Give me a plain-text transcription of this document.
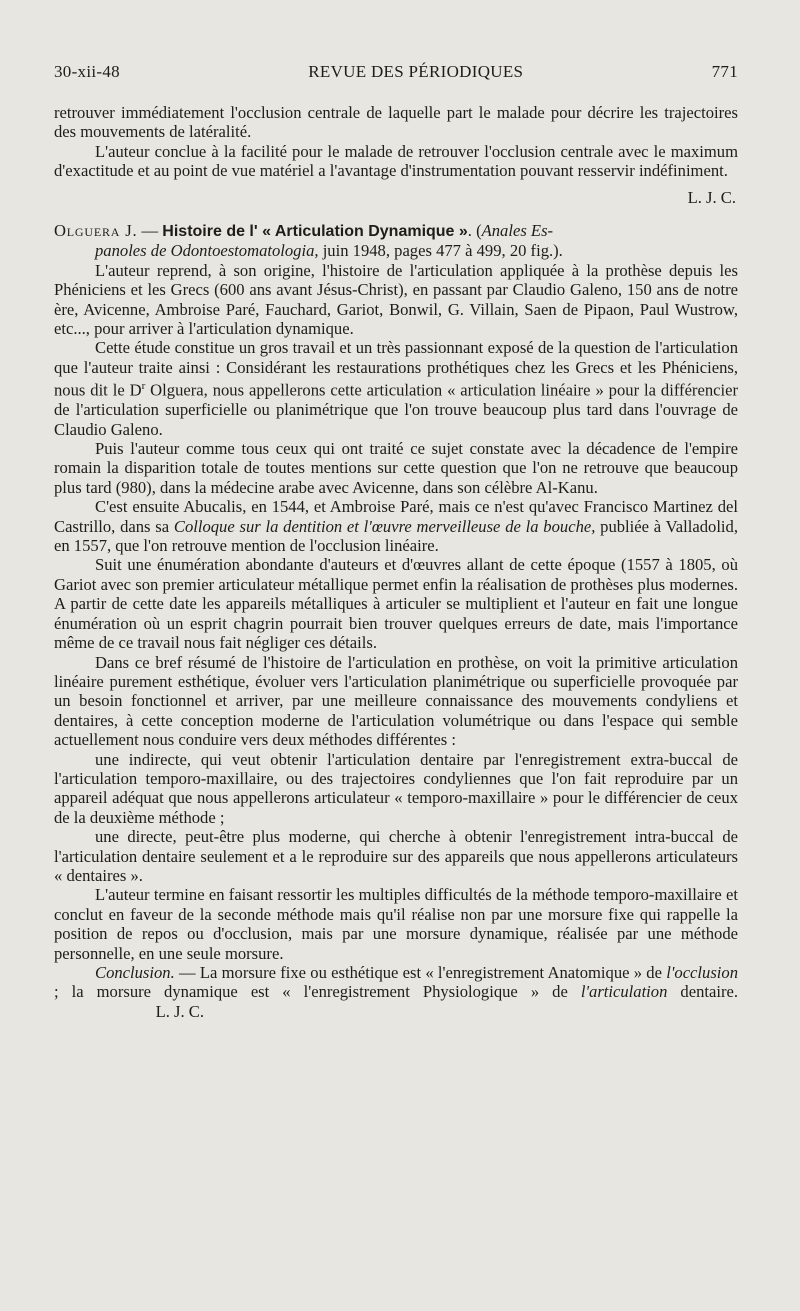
30-xii-48	REVUE DES PÉRIODIQUES	771

retrouver immédiatement l'occlusion centrale de laquelle part le malade pour décrire les trajectoires des mouvements de latéralité.

L'auteur conclue à la facilité pour le malade de retrouver l'occlusion centrale avec le maximum d'exactitude et au point de vue matériel a l'avantage d'instrumentation pouvant resservir indéfiniment.

L. J. C.

Olguera J. — Histoire de l' « Articulation Dynamique ». (Anales Es-
panoles de Odontoestomatologia, juin 1948, pages 477 à 499, 20 fig.).

L'auteur reprend, à son origine, l'histoire de l'articulation appliquée à la prothèse depuis les Phéniciens et les Grecs (600 ans avant Jésus-Christ), en passant par Claudio Galeno, 150 ans de notre ère, Avicenne, Ambroise Paré, Fauchard, Gariot, Bonwil, G. Villain, Saen de Pipaon, Paul Wustrow, etc..., pour arriver à l'articulation dynamique.

Cette étude constitue un gros travail et un très passionnant exposé de la question de l'articulation que l'auteur traite ainsi : Considérant les restaurations prothétiques chez les Grecs et les Phéniciens, nous dit le $D^r$ Olguera, nous appellerons cette articulation « articulation linéaire » pour la différencier de l'articulation superficielle ou planimétrique que l'on trouve beaucoup plus tard dans l'ouvrage de Claudio Galeno.

Puis l'auteur comme tous ceux qui ont traité ce sujet constate avec la décadence de l'empire romain la disparition totale de toutes mentions sur cette question que l'on ne retrouve que beaucoup plus tard (980), dans la médecine arabe avec Avicenne, dans son célèbre Al-Kanu.

C'est ensuite Abucalis, en 1544, et Ambroise Paré, mais ce n'est qu'avec Francisco Martinez del Castrillo, dans sa Colloque sur la dentition et l'œuvre merveilleuse de la bouche, publiée à Valladolid, en 1557, que l'on retrouve mention de l'occlusion linéaire.

Suit une énumération abondante d'auteurs et d'œuvres allant de cette époque (1557 à 1805, où Gariot avec son premier articulateur métallique permet enfin la réalisation de prothèses plus modernes. A partir de cette date les appareils métalliques à articuler se multiplient et l'auteur en fait une longue énumération où un esprit chagrin pourrait bien trouver quelques erreurs de date, mais l'importance même de ce travail nous fait négliger ces détails.

Dans ce bref résumé de l'histoire de l'articulation en prothèse, on voit la primitive articulation linéaire purement esthétique, évoluer vers l'articulation planimétrique ou superficielle provoquée par un besoin fonctionnel et arriver, par une meilleure connaissance des mouvements condyliens et dentaires, à cette conception moderne de l'articulation volumétrique ou dans l'espace qui semble actuellement nous conduire vers deux méthodes différentes :

une indirecte, qui veut obtenir l'articulation dentaire par l'enregistrement extra-buccal de l'articulation temporo-maxillaire, ou des trajectoires condyliennes que l'on fait reproduire par un appareil adéquat que nous appellerons articulateur « temporo-maxillaire » pour le différencier de ceux de la deuxième méthode ;

une directe, peut-être plus moderne, qui cherche à obtenir l'enregistrement intra-buccal de l'articulation dentaire seulement et a le reproduire sur des appareils que nous appellerons articulateurs « dentaires ».

L'auteur termine en faisant ressortir les multiples difficultés de la méthode temporo-maxillaire et conclut en faveur de la seconde méthode mais qu'il réalise non par une morsure fixe qui rappelle la position de repos ou d'occlusion, mais par une morsure dynamique, réalisée par une méthode personnelle, en une seule morsure.

Conclusion. — La morsure fixe ou esthétique est « l'enregistrement Anatomique » de l'occlusion ; la morsure dynamique est « l'enregistrement Physiologique » de l'articulation dentaire.L. J. C.
